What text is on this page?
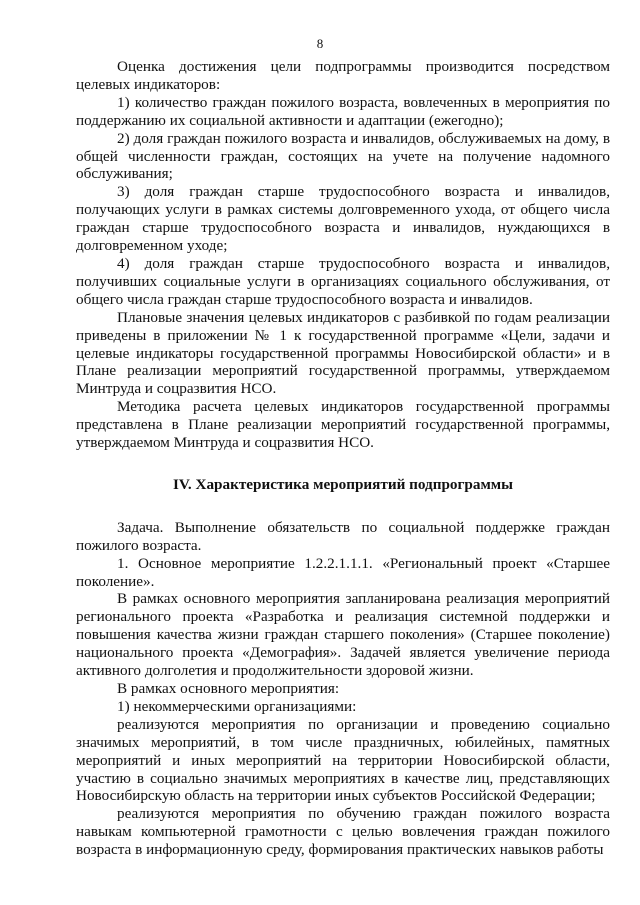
8

Оценка достижения цели подпрограммы производится посредством целевых индикаторов:

1) количество граждан пожилого возраста, вовлеченных в мероприятия по поддержанию их социальной активности и адаптации (ежегодно);

2) доля граждан пожилого возраста и инвалидов, обслуживаемых на дому, в общей численности граждан, состоящих на учете на получение надомного обслуживания;

3) доля граждан старше трудоспособного возраста и инвалидов, получающих услуги в рамках системы долговременного ухода, от общего числа граждан старше трудоспособного возраста и инвалидов, нуждающихся в долговременном уходе;

4) доля граждан старше трудоспособного возраста и инвалидов, получивших социальные услуги в организациях социального обслуживания, от общего числа граждан старше трудоспособного возраста и инвалидов.

Плановые значения целевых индикаторов с разбивкой по годам реализации приведены в приложении № 1 к государственной программе «Цели, задачи и целевые индикаторы государственной программы Новосибирской области» и в Плане реализации мероприятий государственной программы, утверждаемом Минтруда и соцразвития НСО.

Методика расчета целевых индикаторов государственной программы представлена в Плане реализации мероприятий государственной программы, утверждаемом Минтруда и соцразвития НСО.

IV. Характеристика мероприятий подпрограммы

Задача. Выполнение обязательств по социальной поддержке граждан пожилого возраста.

1. Основное мероприятие 1.2.2.1.1.1. «Региональный проект «Старшее поколение».

В рамках основного мероприятия запланирована реализация мероприятий регионального проекта «Разработка и реализация системной поддержки и повышения качества жизни граждан старшего поколения» (Старшее поколение) национального проекта «Демография». Задачей является увеличение периода активного долголетия и продолжительности здоровой жизни.

В рамках основного мероприятия:

1) некоммерческими организациями:

реализуются мероприятия по организации и проведению социально значимых мероприятий, в том числе праздничных, юбилейных, памятных мероприятий и иных мероприятий на территории Новосибирской области, участию в социально значимых мероприятиях в качестве лиц, представляющих Новосибирскую область на территории иных субъектов Российской Федерации;

реализуются мероприятия по обучению граждан пожилого возраста навыкам компьютерной грамотности с целью вовлечения граждан пожилого возраста в информационную среду, формирования практических навыков работы
